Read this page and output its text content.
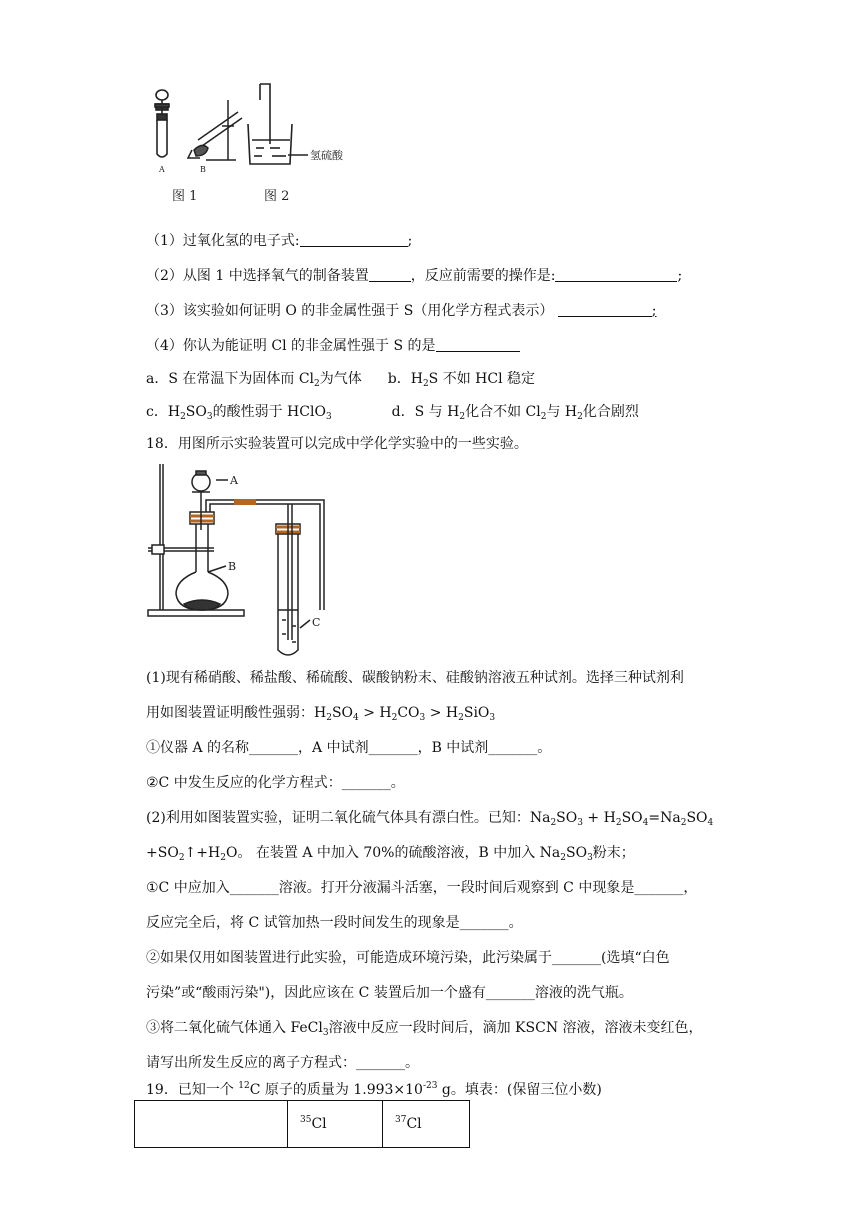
A	B
氢硫酸
图 1	图 2
（1）过氧化氢的电子式:	;
（2）从图 1 中选择氧气的制备装置	，反应前需要的操作是:	;
（3）该实验如何证明 O 的非金属性强于 S（用化学方程式表示）	;
（4）你认为能证明 Cl 的非金属性强于 S 的是
a．S 在常温下为固体而 $Cl_2$为气体 b．$H_2S$ 不如 HCl 稳定
c．$H_2SO_3$的酸性弱于 HClO$_3$	d．S 与 $H_2$化合不如 $Cl_2$与 $H_2$化合剧烈
18．用图所示实验装置可以完成中学化学实验中的一些实验。
A
B
C
(1)现有稀硝酸、稀盐酸、稀硫酸、碳酸钠粉末、硅酸钠溶液五种试剂。选择三种试剂利
用如图装置证明酸性强弱：$H_2SO_4 > H_2CO_3 > H_2SiO_3$
①仪器 A 的名称_______，A 中试剂_______，B 中试剂_______。
②C 中发生反应的化学方程式：_______。
(2)利用如图装置实验，证明二氧化硫气体具有漂白性。已知：$Na_2SO_3 + H_2SO_4=Na_2SO_4$
$+SO_2↑+H_2O$。 在装置 A 中加入 70%的硫酸溶液，B 中加入 $Na_2SO_3$粉末；
①C 中应加入_______溶液。打开分液漏斗活塞，一段时间后观察到 C 中现象是_______，
反应完全后，将 C 试管加热一段时间发生的现象是_______。
②如果仅用如图装置进行此实验，可能造成环境污染，此污染属于_______(选填“白色
污染”或“酸雨污染")，因此应该在 C 装置后加一个盛有_______溶液的洗气瓶。
③将二氧化硫气体通入 FeCl$_3$溶液中反应一段时间后，滴加 KSCN 溶液，溶液未变红色，
请写出所发生反应的离子方程式：_______。
19．已知一个 $^{12}$C 原子的质量为 $1.993\times 10^{-23}$ g。填表：(保留三位小数)
	$^{35}$Cl	$^{37}$Cl
